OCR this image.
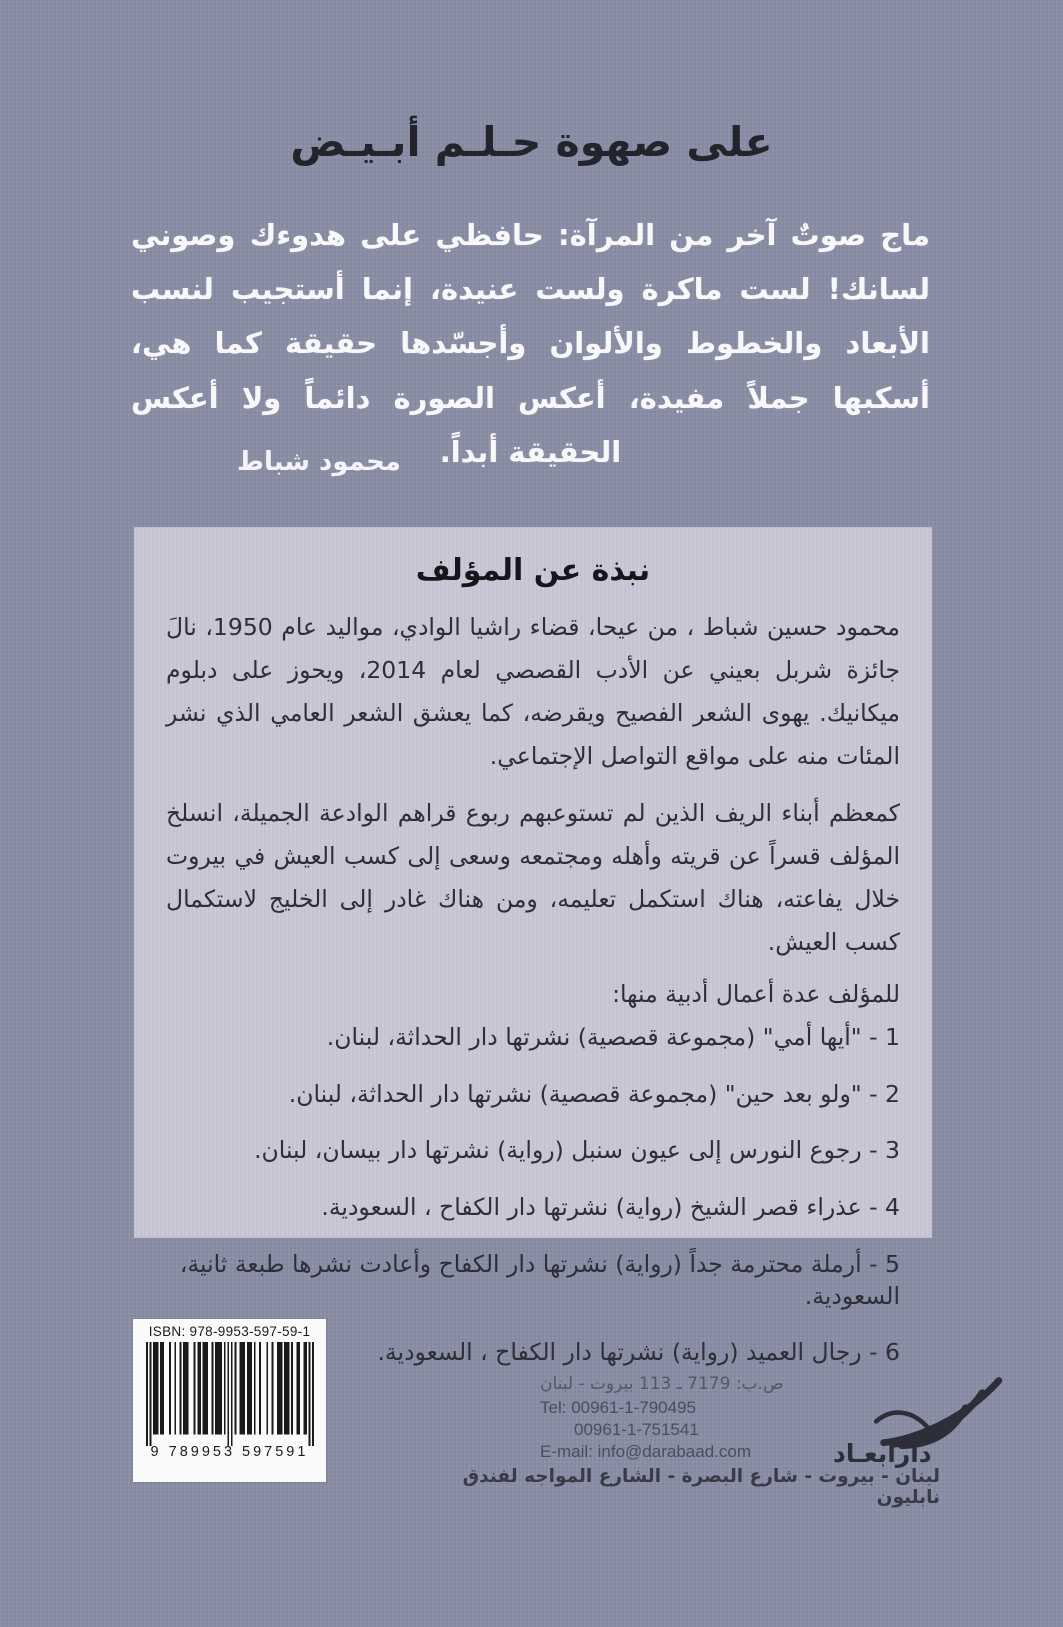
على صهوة حـلـم أبـيـض
ماج صوتٌ آخر من المرآة: حافظي على هدوءك وصوني لسانك! لست ماكرة ولست عنيدة، إنما أستجيب لنسب الأبعاد والخطوط والألوان وأجسّدها حقيقة كما هي، أسكبها جملاً مفيدة، أعكس الصورة دائماً ولا أعكس الحقيقة أبداً.
محمود شباط
نبذة عن المؤلف

محمود حسين شباط ، من عيحا، قضاء راشيا الوادي، مواليد عام 1950، نالَ جائزة شربل بعيني عن الأدب القصصي لعام 2014، ويحوز على دبلوم ميكانيك. يهوى الشعر الفصيح ويقرضه، كما يعشق الشعر العامي الذي نشر المئات منه على مواقع التواصل الإجتماعي.

كمعظم أبناء الريف الذين لم تستوعبهم ربوع قراهم الوادعة الجميلة، انسلخ المؤلف قسراً عن قريته وأهله ومجتمعه وسعى إلى كسب العيش في بيروت خلال يفاعته، هناك استكمل تعليمه، ومن هناك غادر إلى الخليج لاستكمال كسب العيش.

للمؤلف عدة أعمال أدبية منها:
1 - "أيها أمي" (مجموعة قصصية) نشرتها دار الحداثة، لبنان.
2 - "ولو بعد حين" (مجموعة قصصية) نشرتها دار الحداثة، لبنان.
3 - رجوع النورس إلى عيون سنبل (رواية) نشرتها دار بيسان، لبنان.
4 - عذراء قصر الشيخ (رواية) نشرتها دار الكفاح ، السعودية.
5 - أرملة محترمة جداً (رواية) نشرتها دار الكفاح وأعادت نشرها طبعة ثانية، السعودية.
6 - رجال العميد (رواية) نشرتها دار الكفاح ، السعودية.
ISBN: 978-9953-597-59-1
9 789953 597591
ص.ب: 7179 ـ 113 بيروت - لبنان
Tel: 00961-1-790495
00961-1-751541
E-mail: info@darabaad.com	دارابعـاد
لبنان - بيروت - شارع البصرة - الشارع المواجه لفندق نابليون
